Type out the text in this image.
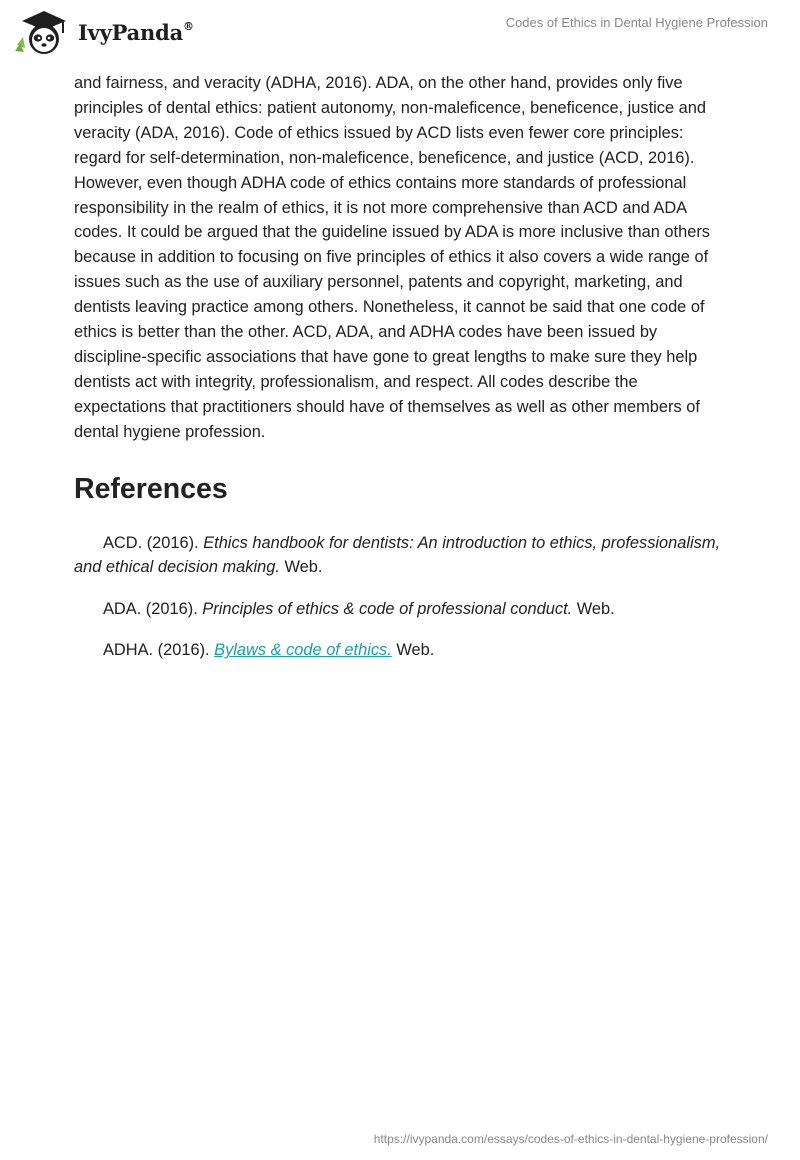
IvyPanda®	Codes of Ethics in Dental Hygiene Profession

and fairness, and veracity (ADHA, 2016). ADA, on the other hand, provides only five principles of dental ethics: patient autonomy, non-maleficence, beneficence, justice and veracity (ADA, 2016). Code of ethics issued by ACD lists even fewer core principles: regard for self-determination, non-maleficence, beneficence, and justice (ACD, 2016). However, even though ADHA code of ethics contains more standards of professional responsibility in the realm of ethics, it is not more comprehensive than ACD and ADA codes. It could be argued that the guideline issued by ADA is more inclusive than others because in addition to focusing on five principles of ethics it also covers a wide range of issues such as the use of auxiliary personnel, patents and copyright, marketing, and dentists leaving practice among others. Nonetheless, it cannot be said that one code of ethics is better than the other. ACD, ADA, and ADHA codes have been issued by discipline-specific associations that have gone to great lengths to make sure they help dentists act with integrity, professionalism, and respect. All codes describe the expectations that practitioners should have of themselves as well as other members of dental hygiene profession.

References

ACD. (2016). Ethics handbook for dentists: An introduction to ethics, professionalism, and ethical decision making. Web.

ADA. (2016). Principles of ethics & code of professional conduct. Web.

ADHA. (2016). Bylaws & code of ethics. Web.

https://ivypanda.com/essays/codes-of-ethics-in-dental-hygiene-profession/
